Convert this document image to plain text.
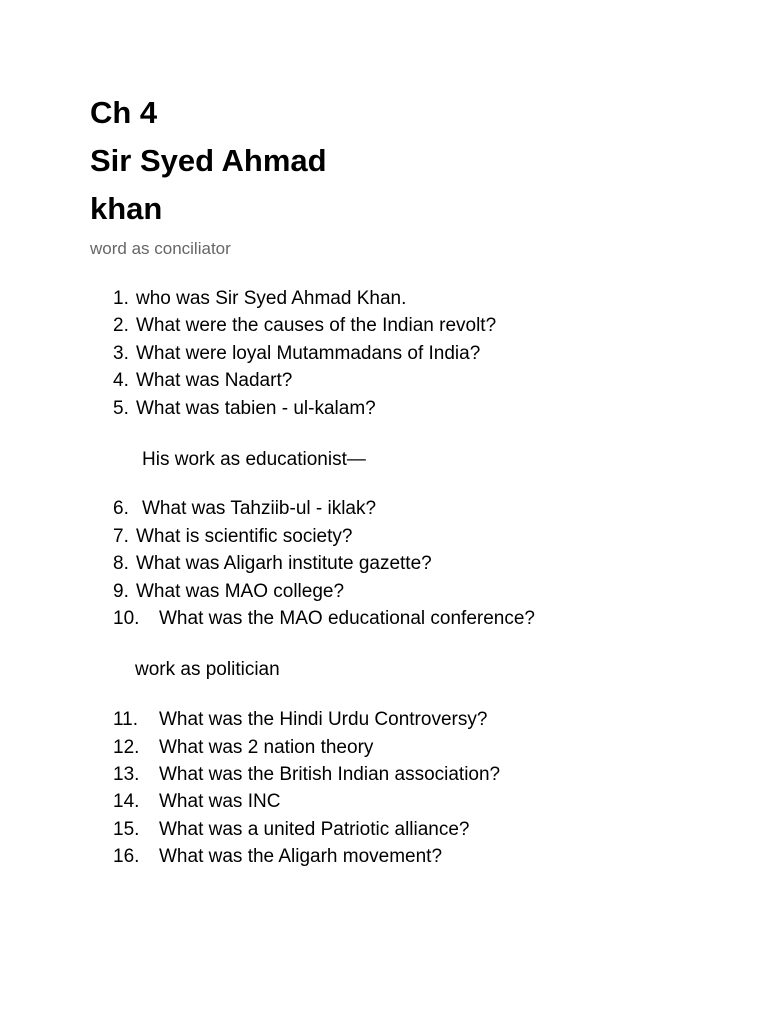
Ch 4
Sir Syed Ahmad
khan
word as conciliator
1. who was Sir Syed Ahmad Khan.
2. What were the causes of the Indian revolt?
3. What were loyal Mutammadans of India?
4. What was Nadart?
5. What was tabien - ul-kalam?
His work as educationist—
6. What was Tahziib-ul - iklak?
7. What is scientific society?
8. What was Aligarh institute gazette?
9. What was MAO college?
10. What was the MAO educational conference?
work as politician
11. What was the Hindi Urdu Controversy?
12. What was 2 nation theory
13. What was the British Indian association?
14. What was INC
15. What was a united Patriotic alliance?
16. What was the Aligarh movement?
